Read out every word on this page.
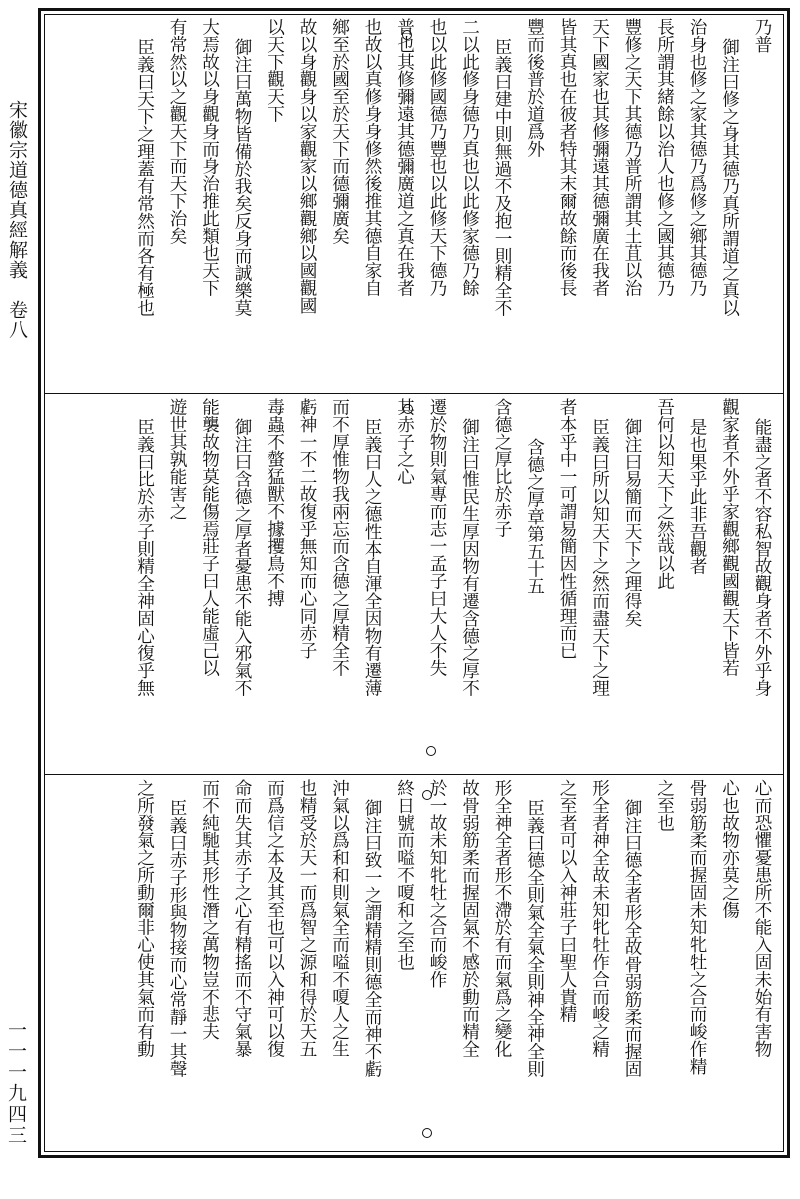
宋徽宗道德真經解義　卷八
一一一九四三
乃普
御注曰修之身其德乃真所謂道之真以
治身也修之家其德乃爲修之鄉其德乃
長所謂其緒餘以治人也修之國其德乃
豐修之天下其德乃普所謂其土苴以治
天下國家也其修彌遠其德彌廣在我者
皆其真也在彼者特其末爾故餘而後長
豐而後普於道爲外
臣義曰建中則無過不及抱一則精全不
二以此修身德乃真也以此修家德乃餘
也以此修國德乃豐也以此修天下德乃
普也其修彌遠其德彌廣道之真在我者
也故以真修身身修然後推其德自家自
鄉至於國至於天下而德彌廣矣
故以身觀身以家觀家以鄉觀鄉以國觀國
以天下觀天下
御注曰萬物皆備於我矣反身而誠樂莫
大焉故以身觀身而身治推此類也天下
有常然以之觀天下而天下治矣
臣義曰天下之理蓋有常然而各有極也
能盡之者不容私智故觀身者不外乎身
觀家者不外乎家觀鄉觀國觀天下皆若
是也果乎此非吾觀者
吾何以知天下之然哉以此
御注曰易簡而天下之理得矣
臣義曰所以知天下之然而盡天下之理
者本乎中一可謂易簡因性循理而已
含德之厚章第五十五
含德之厚比於赤子
御注曰惟民生厚因物有遷含德之厚不
遷於物則氣專而志一孟子曰大人不失
其赤子之心
臣義曰人之德性本自渾全因物有遷薄
而不厚惟物我兩忘而含德之厚精全不
虧神一不二故復乎無知而心同赤子
毒蟲不螫猛獸不據攫鳥不搏
御注曰含德之厚者憂患不能入邪氣不
能襲故物莫能傷焉莊子曰人能虛己以
遊世其孰能害之
臣義曰比於赤子則精全神固心復乎無
心而恐懼憂患所不能入固未始有害物
心也故物亦莫之傷
骨弱筋柔而握固未知牝牡之合而峻作精
之至也
御注曰德全者形全故骨弱筋柔而握固
形全者神全故未知牝牡作合而峻之精
之至者可以入神莊子曰聖人貴精
臣義曰德全則氣全氣全則神全神全則
形全神全者形不滯於有而氣爲之變化
故骨弱筋柔而握固氣不感於動而精全
於一故未知牝牡之合而峻作
終日號而嗌不嗄和之至也
御注曰致一之謂精精則德全而神不虧
沖氣以爲和和則氣全而嗌不嗄人之生
也精受於天一而爲智之源和得於天五
而爲信之本及其至也可以入神可以復
命而失其赤子之心有精搖而不守氣暴
而不純馳其形性潛之萬物豈不悲夫
臣義曰赤子形與物接而心常靜一其聲
之所發氣之所動爾非心使其氣而有動
